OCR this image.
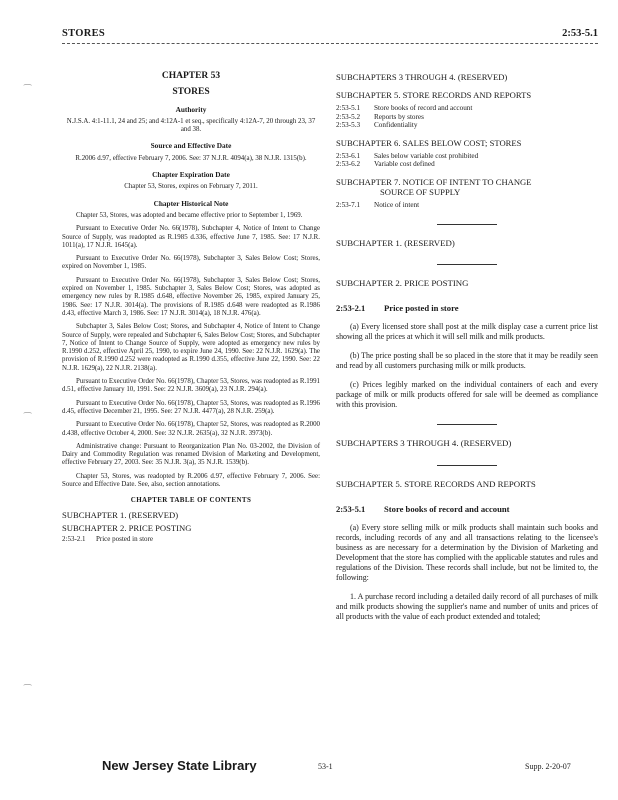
STORES	2:53-5.1
⁀
⁀
⁀
CHAPTER 53
STORES
Authority
N.J.S.A. 4:1-11.1, 24 and 25; and 4:12A-1 et seq., specifically 4:12A-7, 20 through 23, 37 and 38.
Source and Effective Date
R.2006 d.97, effective February 7, 2006. See: 37 N.J.R. 4094(a), 38 N.J.R. 1315(b).
Chapter Expiration Date
Chapter 53, Stores, expires on February 7, 2011.
Chapter Historical Note

Chapter 53, Stores, was adopted and became effective prior to September 1, 1969.

Pursuant to Executive Order No. 66(1978), Subchapter 4, Notice of Intent to Change Source of Supply, was readopted as R.1985 d.336, effective June 7, 1985. See: 17 N.J.R. 1011(a), 17 N.J.R. 1645(a).

Pursuant to Executive Order No. 66(1978), Subchapter 3, Sales Below Cost; Stores, expired on November 1, 1985.

Pursuant to Executive Order No. 66(1978), Subchapter 3, Sales Below Cost; Stores, expired on November 1, 1985. Subchapter 3, Sales Below Cost; Stores, was adopted as emergency new rules by R.1985 d.648, effective November 26, 1985, expired January 25, 1986. See: 17 N.J.R. 3014(a). The provisions of R.1985 d.648 were readopted as R.1986 d.43, effective March 3, 1986. See: 17 N.J.R. 3014(a), 18 N.J.R. 476(a).

Subchapter 3, Sales Below Cost; Stores, and Subchapter 4, Notice of Intent to Change Source of Supply, were repealed and Subchapter 6, Sales Below Cost; Stores, and Subchapter 7, Notice of Intent to Change Source of Supply, were adopted as emergency new rules by R.1990 d.252, effective April 25, 1990, to expire June 24, 1990. See: 22 N.J.R. 1629(a). The provision of R.1990 d.252 were readopted as R.1990 d.355, effective June 22, 1990. See: 22 N.J.R. 1629(a), 22 N.J.R. 2138(a).

Pursuant to Executive Order No. 66(1978), Chapter 53, Stores, was readopted as R.1991 d.51, effective January 10, 1991. See: 22 N.J.R. 3609(a), 23 N.J.R. 294(a).

Pursuant to Executive Order No. 66(1978), Chapter 53, Stores, was readopted as R.1996 d.45, effective December 21, 1995. See: 27 N.J.R. 4477(a), 28 N.J.R. 259(a).

Pursuant to Executive Order No. 66(1978), Chapter 52, Stores, was readopted as R.2000 d.438, effective October 4, 2000. See: 32 N.J.R. 2635(a), 32 N.J.R. 3973(b).

Administrative change: Pursuant to Reorganization Plan No. 03-2002, the Division of Dairy and Commodity Regulation was renamed Division of Marketing and Development, effective February 27, 2003. See: 35 N.J.R. 3(a), 35 N.J.R. 1539(b).

Chapter 53, Stores, was readopted by R.2006 d.97, effective February 7, 2006. See: Source and Effective Date. See, also, section annotations.

CHAPTER TABLE OF CONTENTS
SUBCHAPTER 1. (RESERVED)
SUBCHAPTER 2. PRICE POSTING
2:53-2.1	Price posted in store
SUBCHAPTERS 3 THROUGH 4. (RESERVED)
SUBCHAPTER 5. STORE RECORDS AND REPORTS
2:53-5.1	Store books of record and account
2:53-5.2	Reports by stores
2:53-5.3	Confidentiality
SUBCHAPTER 6. SALES BELOW COST; STORES
2:53-6.1	Sales below variable cost prohibited
2:53-6.2	Variable cost defined
SUBCHAPTER 7. NOTICE OF INTENT TO CHANGE
SOURCE OF SUPPLY
2:53-7.1	Notice of intent
SUBCHAPTER 1. (RESERVED)
SUBCHAPTER 2. PRICE POSTING
2:53-2.1 Price posted in store

(a) Every licensed store shall post at the milk display case a current price list showing all the prices at which it will sell milk and milk products.

(b) The price posting shall be so placed in the store that it may be readily seen and read by all customers purchasing milk or milk products.

(c) Prices legibly marked on the individual containers of each and every package of milk or milk products offered for sale will be deemed as compliance with this provision.

SUBCHAPTERS 3 THROUGH 4. (RESERVED)
SUBCHAPTER 5. STORE RECORDS AND REPORTS
2:53-5.1 Store books of record and account

(a) Every store selling milk or milk products shall maintain such books and records, including records of any and all transactions relating to the licensee's business as are necessary for a determination by the Division of Marketing and Development that the store has complied with the applicable statutes and rules and regulations of the Division. These records shall include, but not be limited to, the following:

1. A purchase record including a detailed daily record of all purchases of milk and milk products showing the supplier's name and number of units and prices of all products with the value of each product extended and totaled;

New Jersey State Library	53-1	Supp. 2-20-07
